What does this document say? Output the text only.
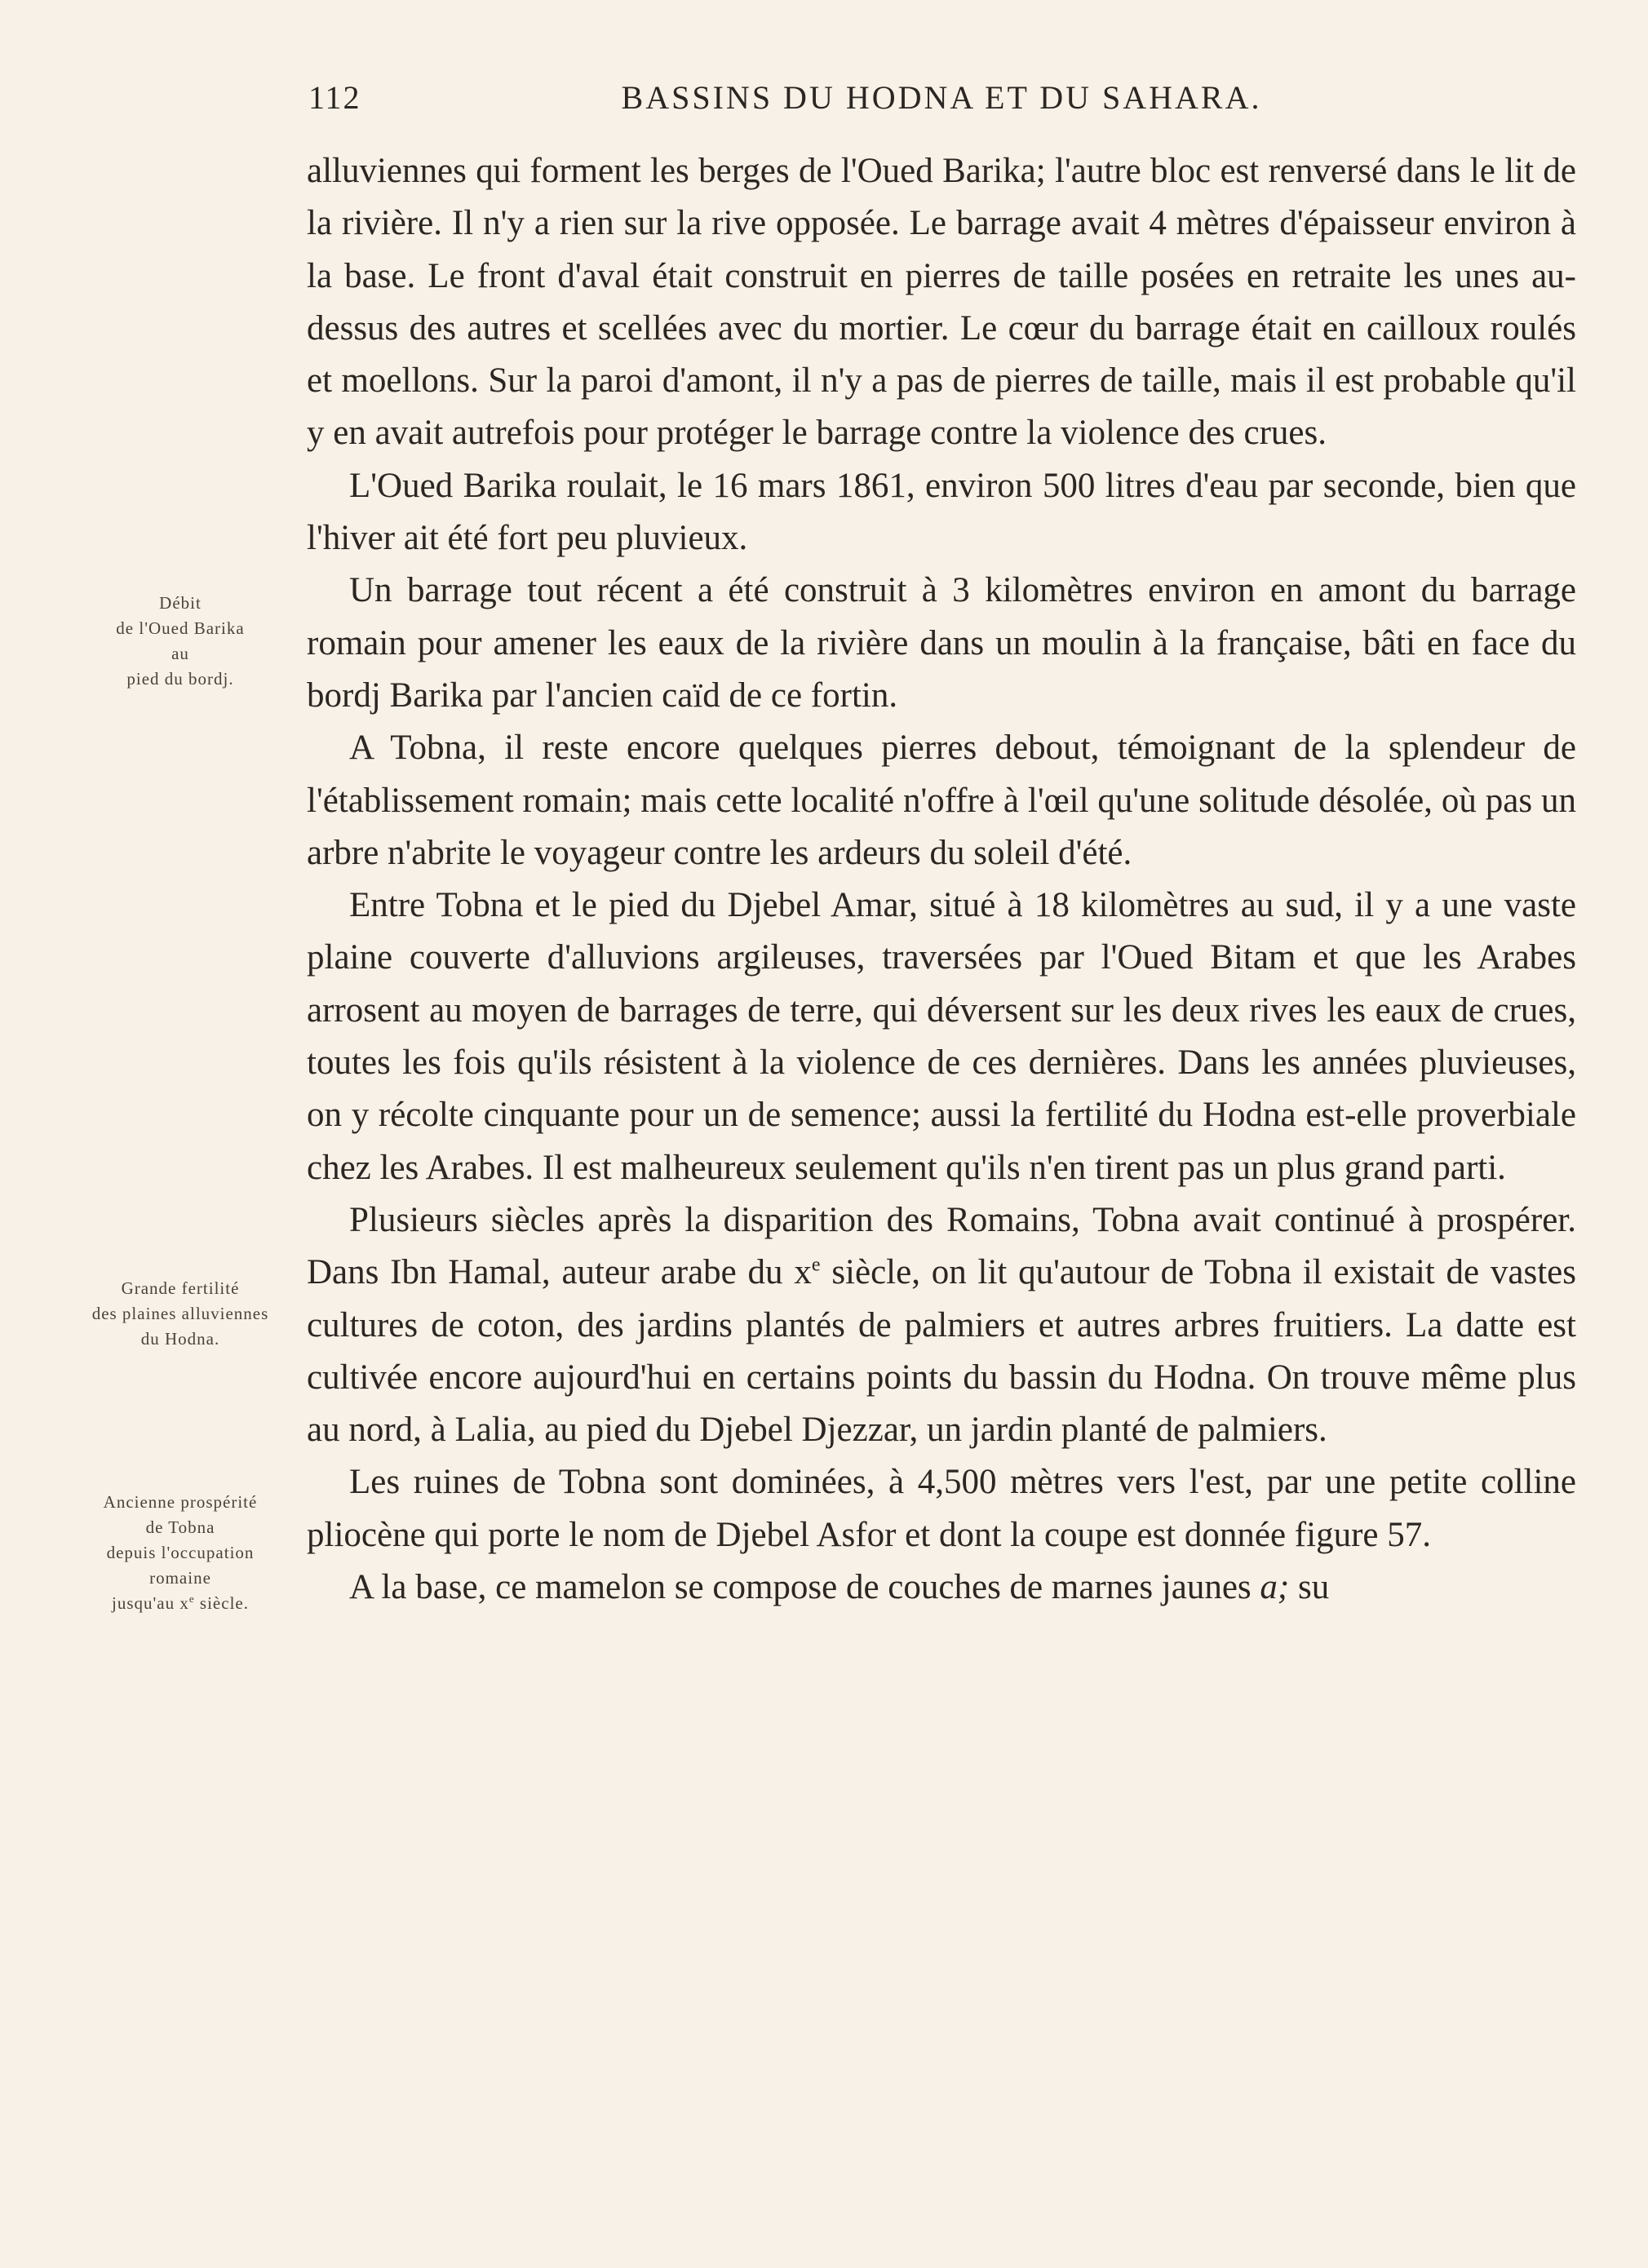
112	BASSINS DU HODNA ET DU SAHARA.
Débit
de l'Oued Barika
au
pied du bordj.
Grande fertilité
des plaines alluviennes
du Hodna.
Ancienne prospérité
de Tobna
depuis l'occupation
romaine
jusqu'au $x^e$ siècle.

alluviennes qui forment les berges de l'Oued Barika; l'autre bloc est renversé dans le lit de la rivière. Il n'y a rien sur la rive opposée. Le barrage avait 4 mètres d'épaisseur environ à la base. Le front d'aval était construit en pierres de taille posées en retraite les unes au-dessus des autres et scellées avec du mortier. Le cœur du barrage était en cailloux roulés et moellons. Sur la paroi d'amont, il n'y a pas de pierres de taille, mais il est probable qu'il y en avait autrefois pour protéger le barrage contre la violence des crues.

L'Oued Barika roulait, le 16 mars 1861, environ 500 litres d'eau par seconde, bien que l'hiver ait été fort peu pluvieux.

Un barrage tout récent a été construit à 3 kilomètres environ en amont du barrage romain pour amener les eaux de la rivière dans un moulin à la française, bâti en face du bordj Barika par l'ancien caïd de ce fortin.

A Tobna, il reste encore quelques pierres debout, témoignant de la splendeur de l'établissement romain; mais cette localité n'offre à l'œil qu'une solitude désolée, où pas un arbre n'abrite le voyageur contre les ardeurs du soleil d'été.

Entre Tobna et le pied du Djebel Amar, situé à 18 kilomètres au sud, il y a une vaste plaine couverte d'alluvions argileuses, traversées par l'Oued Bitam et que les Arabes arrosent au moyen de barrages de terre, qui déversent sur les deux rives les eaux de crues, toutes les fois qu'ils résistent à la violence de ces dernières. Dans les années pluvieuses, on y récolte cinquante pour un de semence; aussi la fertilité du Hodna est-elle proverbiale chez les Arabes. Il est malheureux seulement qu'ils n'en tirent pas un plus grand parti.

Plusieurs siècles après la disparition des Romains, Tobna avait continué à prospérer. Dans Ibn Hamal, auteur arabe du $x^e$ siècle, on lit qu'autour de Tobna il existait de vastes cultures de coton, des jardins plantés de palmiers et autres arbres fruitiers. La datte est cultivée encore aujourd'hui en certains points du bassin du Hodna. On trouve même plus au nord, à Lalia, au pied du Djebel Djezzar, un jardin planté de palmiers.

Les ruines de Tobna sont dominées, à 4,500 mètres vers l'est, par une petite colline pliocène qui porte le nom de Djebel Asfor et dont la coupe est donnée figure 57.

A la base, ce mamelon se compose de couches de marnes jaunes a; su
